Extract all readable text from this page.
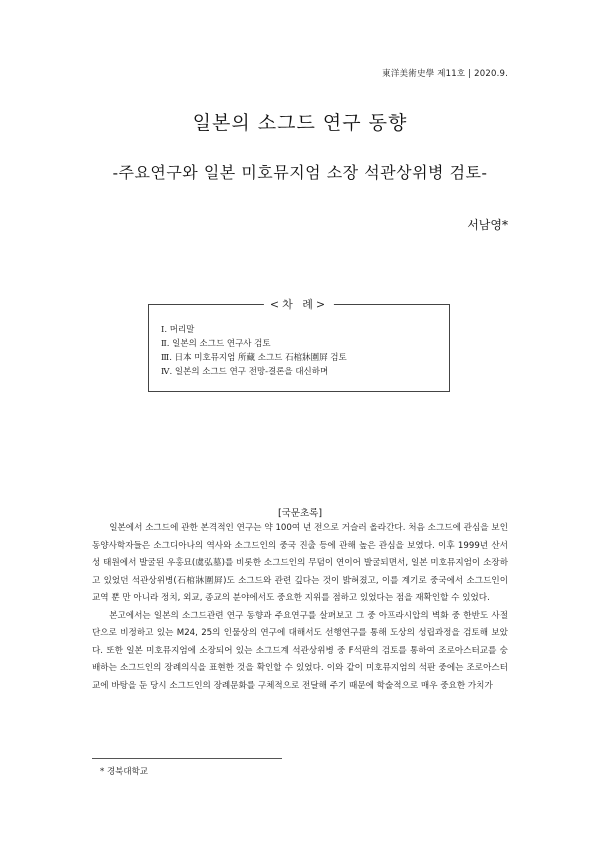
東洋美術史學 제11호 | 2020.9.
일본의 소그드 연구 동향
-주요연구와 일본 미호뮤지엄 소장 석관상위병 검토-
서남영*
<차 례>
Ⅰ. 머리말
Ⅱ. 일본의 소그드 연구사 검토
Ⅲ. 日本 미호뮤지엄 所藏 소그드 石棺牀圍屛 검토
Ⅳ. 일본의 소그드 연구 전망-결론을 대신하며
[국문초록]

일본에서 소그드에 관한 본격적인 연구는 약 100여 년 전으로 거슬러 올라간다. 처음 소그드에 관심을 보인 동양사학자들은 소그디아나의 역사와 소그드인의 중국 진출 등에 관해 높은 관심을 보였다. 이후 1999년 산서성 태원에서 발굴된 우홍묘(虞弘墓)를 비롯한 소그드인의 무덤이 연이어 발굴되면서, 일본 미호뮤지엄이 소장하고 있었던 석관상위병(石棺牀圍屛)도 소그드와 관련 깊다는 것이 밝혀졌고, 이를 계기로 중국에서 소그드인이 교역 뿐 만 아니라 정치, 외교, 종교의 분야에서도 중요한 지위를 점하고 있었다는 점을 재확인할 수 있었다.

본고에서는 일본의 소그드관련 연구 동향과 주요연구를 살펴보고 그 중 아프라시압의 벽화 중 한반도 사절단으로 비정하고 있는 M24, 25의 인물상의 연구에 대해서도 선행연구를 통해 도상의 성립과정을 검토해 보았다. 또한 일본 미호뮤지엄에 소장되어 있는 소그드계 석관상위병 중 F석판의 검토를 통하여 조로아스터교를 숭배하는 소그드인의 장례의식을 표현한 것을 확인할 수 있었다. 이와 같이 미호뮤지엄의 석판 중에는 조로아스터교에 바탕을 둔 당시 소그드인의 장례문화를 구체적으로 전달해 주기 때문에 학술적으로 매우 중요한 가치가

* 경북대학교
